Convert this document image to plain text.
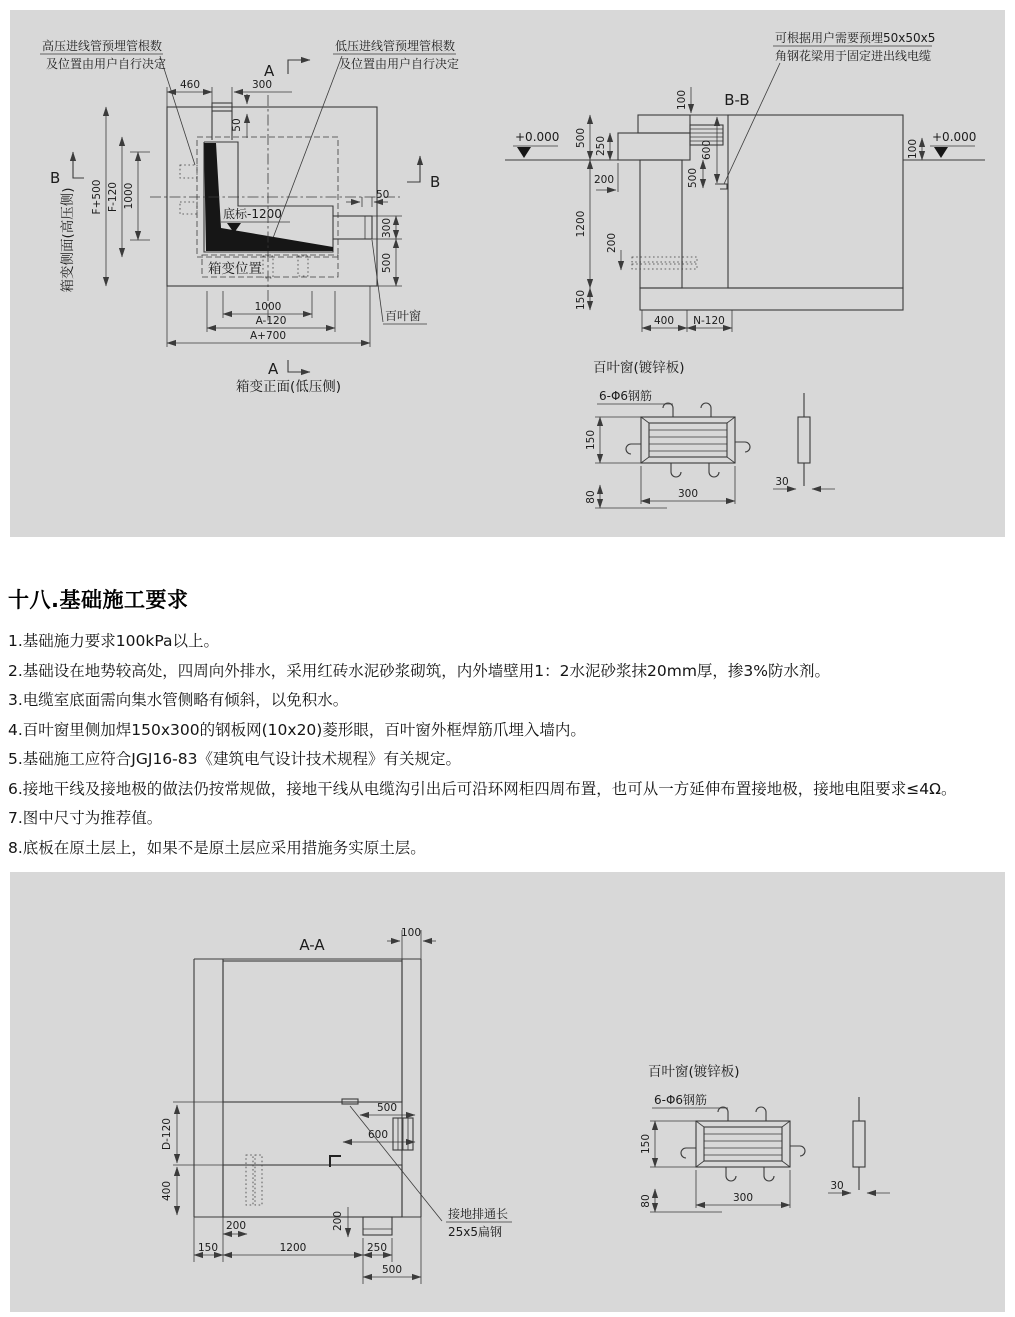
高压进线管预埋管根数
及位置由用户自行决定
低压进线管预埋管根数
及位置由用户自行决定
A
460	300
50
底标-1200
箱变位置
50
300
500
F+500 F-120 1000
箱变侧面(高压侧)
B	B
1000
A-120
A+700
百叶窗
A
箱变正面(低压侧)
可根据用户需要预埋50x50x5
角钢花梁用于固定进出线电缆
B-B
100
+0.000	+0.000
100
500 250
200
1200
200
150
600
500
400 N-120
百叶窗(镀锌板)
6-Φ6钢筋
150
80	300
30
十八.基础施工要求

1.基础施力要求100kPa以上。

2.基础设在地势较高处，四周向外排水，采用红砖水泥砂浆砌筑，内外墙壁用1：2水泥砂浆抹20mm厚，掺3%防水剂。

3.电缆室底面需向集水管侧略有倾斜，以免积水。

4.百叶窗里侧加焊150x300的钢板网(10x20)菱形眼，百叶窗外框焊筋爪埋入墙内。

5.基础施工应符合JGJ16-83《建筑电气设计技术规程》有关规定。

6.接地干线及接地极的做法仍按常规做，接地干线从电缆沟引出后可沿环网柜四周布置，也可从一方延伸布置接地极，接地电阻要求≤4Ω。

7.图中尺寸为推荐值。

8.底板在原土层上，如果不是原土层应采用措施务实原土层。

A-A
100
500
600
D-120
400
200	200
150	1200	250
500
接地排通长
25x5扁钢
百叶窗(镀锌板)
6-Φ6钢筋
150
80	300
30
